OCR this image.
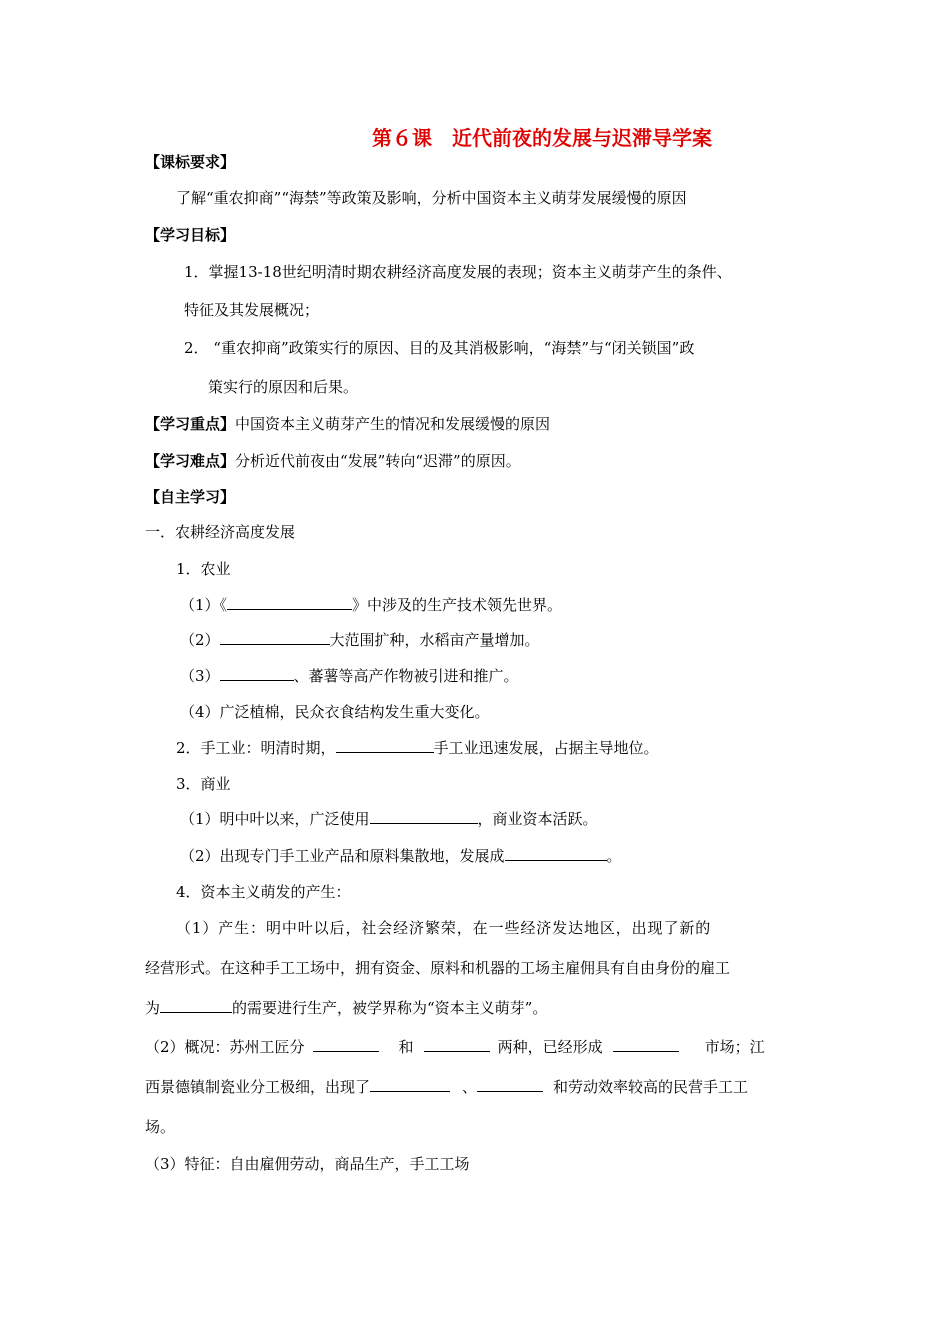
第６课　近代前夜的发展与迟滞导学案
【课标要求】
了解“重农抑商”“海禁”等政策及影响，分析中国资本主义萌芽发展缓慢的原因
【学习目标】
1．掌握13-18世纪明清时期农耕经济高度发展的表现；资本主义萌芽产生的条件、
特征及其发展概况；
2． “重农抑商”政策实行的原因、目的及其消极影响，“海禁”与“闭关锁国”政
策实行的原因和后果。
【学习重点】中国资本主义萌芽产生的情况和发展缓慢的原因
【学习难点】分析近代前夜由“发展”转向“迟滞”的原因。
【自主学习】
一．农耕经济高度发展
1．农业
（1）《	》中涉及的生产技术领先世界。
（2）	大范围扩种，水稻亩产量增加。
（3）	、蕃薯等高产作物被引进和推广。
（4）广泛植棉，民众衣食结构发生重大变化。
2．手工业：明清时期，	手工业迅速发展，占据主导地位。
3．商业
（1）明中叶以来，广泛使用	，商业资本活跃。
（2）出现专门手工业产品和原料集散地，发展成	。
4．资本主义萌发的产生：
（1）产生：明中叶以后，社会经济繁荣，在一些经济发达地区，出现了新的
经营形式。在这种手工工场中，拥有资金、原料和机器的工场主雇佣具有自由身份的雇工
为	的需要进行生产，被学界称为“资本主义萌芽”。
（2）概况：苏州工匠分	和	两种，已经形成	市场；江
西景德镇制瓷业分工极细，出现了	、	和劳动效率较高的民营手工工
场。
（3）特征：自由雇佣劳动，商品生产，手工工场
